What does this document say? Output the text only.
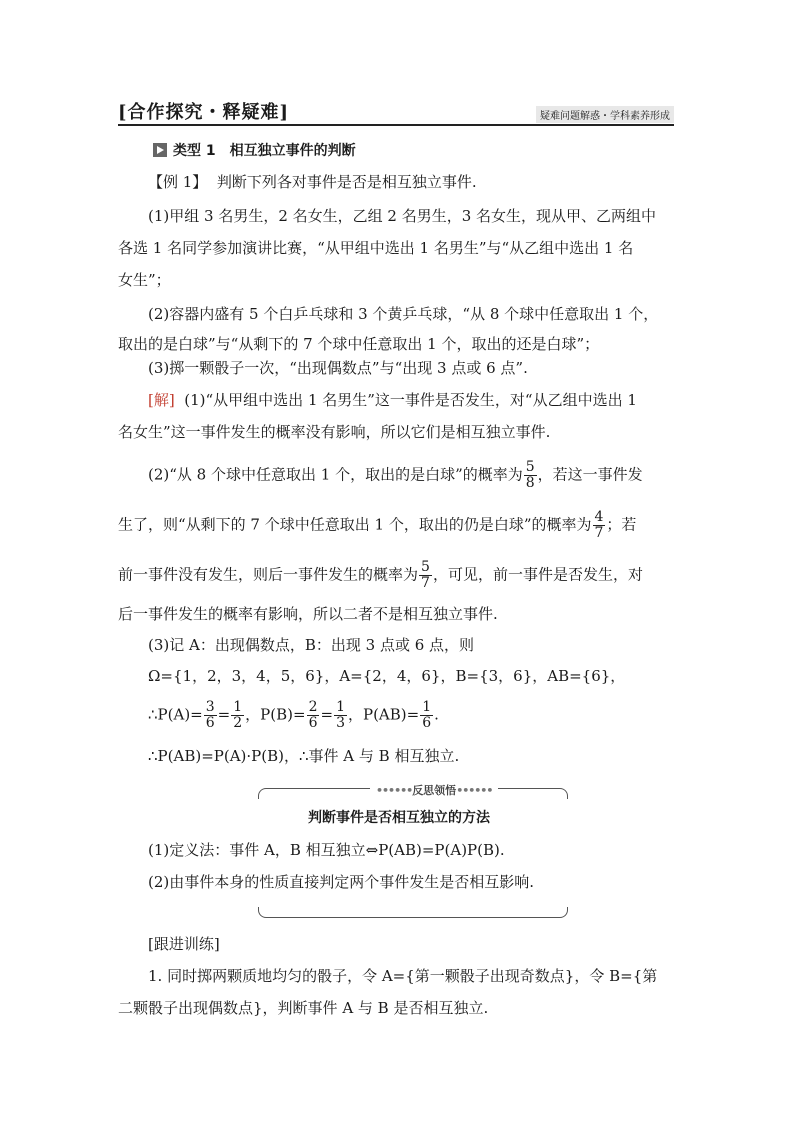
[合作探究・释疑难]	疑难问题解惑・学科素养形成
类型 1 相互独立事件的判断
【例 1】 判断下列各对事件是否是相互独立事件.
(1)甲组 3 名男生，2 名女生，乙组 2 名男生，3 名女生，现从甲、乙两组中
各选 1 名同学参加演讲比赛，“从甲组中选出 1 名男生”与“从乙组中选出 1 名
女生”；
(2)容器内盛有 5 个白乒乓球和 3 个黄乒乓球，“从 8 个球中任意取出 1 个，
取出的是白球”与“从剩下的 7 个球中任意取出 1 个，取出的还是白球”；
(3)掷一颗骰子一次，“出现偶数点”与“出现 3 点或 6 点”.
[解] (1)“从甲组中选出 1 名男生”这一事件是否发生，对“从乙组中选出 1
名女生”这一事件发生的概率没有影响，所以它们是相互独立事件.
(2)“从 8 个球中任意取出 1 个，取出的是白球”的概率为 $\frac{5}{8}$ ，若这一事件发
生了，则“从剩下的 7 个球中任意取出 1 个，取出的仍是白球”的概率为 $\frac{4}{7}$ ；若
前一事件没有发生，则后一事件发生的概率为 $\frac{5}{7}$ ，可见，前一事件是否发生，对
后一事件发生的概率有影响，所以二者不是相互独立事件.
(3)记 A：出现偶数点，B：出现 3 点或 6 点，则
Ω={1，2，3，4，5，6}，A={2，4，6}，B={3，6}，AB={6}，
∴P(A)= $\frac{3}{6} = \frac{1}{2}$ ，$P(B)= \frac{2}{6} = \frac{1}{3}$ ，$P(AB)= \frac{1}{6}$ .
∴P(AB)=P(A)·P(B)，∴事件 A 与 B 相互独立.
••••••反思领悟••••••
判断事件是否相互独立的方法
(1)定义法：事件 A，B 相互独立⇔P(AB)=P(A)P(B).
(2)由事件本身的性质直接判定两个事件发生是否相互影响.
[跟进训练]
1. 同时掷两颗质地均匀的骰子，令 A={第一颗骰子出现奇数点}，令 B={第
二颗骰子出现偶数点}，判断事件 A 与 B 是否相互独立.
